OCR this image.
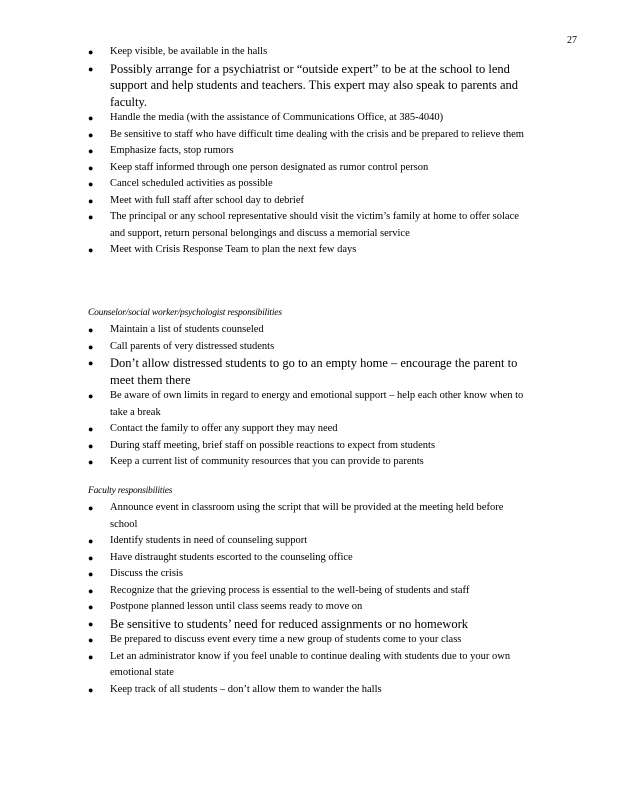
27
● Keep visible, be available in the halls
● Possibly arrange for a psychiatrist or “outside expert” to be at the school to lend support and help students and teachers. This expert may also speak to parents and faculty.
● Handle the media (with the assistance of Communications Office, at 385-4040)
● Be sensitive to staff who have difficult time dealing with the crisis and be prepared to relieve them
● Emphasize facts, stop rumors
● Keep staff informed through one person designated as rumor control person
● Cancel scheduled activities as possible
● Meet with full staff after school day to debrief
● The principal or any school representative should visit the victim’s family at home to offer solace and support, return personal belongings and discuss a memorial service
● Meet with Crisis Response Team to plan the next few days

Counselor/social worker/psychologist responsibilities

● Maintain a list of students counseled
● Call parents of very distressed students
● Don’t allow distressed students to go to an empty home – encourage the parent to meet them there
● Be aware of own limits in regard to energy and emotional support – help each other know when to take a break
● Contact the family to offer any support they may need
● During staff meeting, brief staff on possible reactions to expect from students
● Keep a current list of community resources that you can provide to parents

Faculty responsibilities

● Announce event in classroom using the script that will be provided at the meeting held before school
● Identify students in need of counseling support
● Have distraught students escorted to the counseling office
● Discuss the crisis
● Recognize that the grieving process is essential to the well-being of students and staff
● Postpone planned lesson until class seems ready to move on
● Be sensitive to students’ need for reduced assignments or no homework
● Be prepared to discuss event every time a new group of students come to your class
● Let an administrator know if you feel unable to continue dealing with students due to your own emotional state
● Keep track of all students – don’t allow them to wander the halls
